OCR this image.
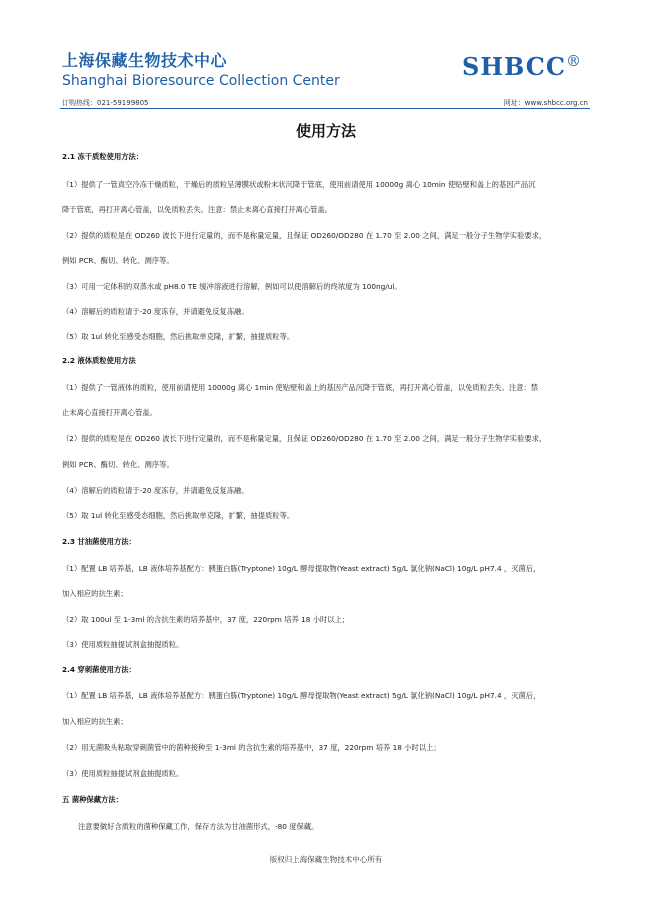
上海保藏生物技术中心
Shanghai Bioresource Collection Center	SHBCC®
订购热线：021-59199805	网址：www.shbcc.org.cn
使用方法
2.1 冻干质粒使用方法：
（1）提供了一管真空冷冻干燥质粒，干燥后的质粒呈薄膜状或粉末状沉降于管底，使用前请使用 10000g 离心 10min 使贴壁和盖上的基因产品沉
降于管底，再打开离心管盖，以免质粒丢失。注意：禁止未离心直接打开离心管盖。
（2）提供的质粒是在 OD260 波长下进行定量的，而不是称量定量，且保证 OD260/OD280 在 1.70 至 2.00 之间，满足一般分子生物学实验要求，
例如 PCR、酶切、转化、测序等。
（3）可用一定体积的双蒸水或 pH8.0 TE 缓冲溶液进行溶解，例如可以使溶解后的终浓度为 100ng/ul。
（4）溶解后的质粒请于-20 度冻存，并请避免反复冻融。
（5）取 1ul 转化至感受态细胞，然后挑取单克隆，扩繁，抽提质粒等。
2.2 液体质粒使用方法
（1）提供了一管液体的质粒，使用前请使用 10000g 离心 1min 使贴壁和盖上的基因产品沉降于管底，再打开离心管盖，以免质粒丢失。注意：禁
止未离心直接打开离心管盖。
（2）提供的质粒是在 OD260 波长下进行定量的，而不是称量定量，且保证 OD260/OD280 在 1.70 至 2.00 之间，满足一般分子生物学实验要求，
例如 PCR、酶切、转化、测序等。
（4）溶解后的质粒请于-20 度冻存，并请避免反复冻融。
（5）取 1ul 转化至感受态细胞，然后挑取单克隆，扩繁，抽提质粒等。
2.3 甘油菌使用方法：
（1）配置 LB 培养基，LB 液体培养基配方：胰蛋白胨(Tryptone) 10g/L 酵母提取物(Yeast extract) 5g/L 氯化钠(NaCl) 10g/L pH7.4 ，灭菌后，
加入相应的抗生素；
（2）取 100ul 至 1-3ml 的含抗生素的培养基中，37 度，220rpm 培养 18 小时以上；
（3）使用质粒抽提试剂盒抽提质粒。
2.4 穿刺菌使用方法：
（1）配置 LB 培养基，LB 液体培养基配方：胰蛋白胨(Tryptone) 10g/L 酵母提取物(Yeast extract) 5g/L 氯化钠(NaCl) 10g/L pH7.4 ，灭菌后，
加入相应的抗生素；
（2）用无菌吸头粘取穿刺菌管中的菌种接种至 1-3ml 的含抗生素的培养基中，37 度，220rpm 培养 18 小时以上；
（3）使用质粒抽提试剂盒抽提质粒。
五 菌种保藏方法：
注意要做好含质粒的菌种保藏工作，保存方法为甘油菌形式，-80 度保藏。
版权归上海保藏生物技术中心所有
